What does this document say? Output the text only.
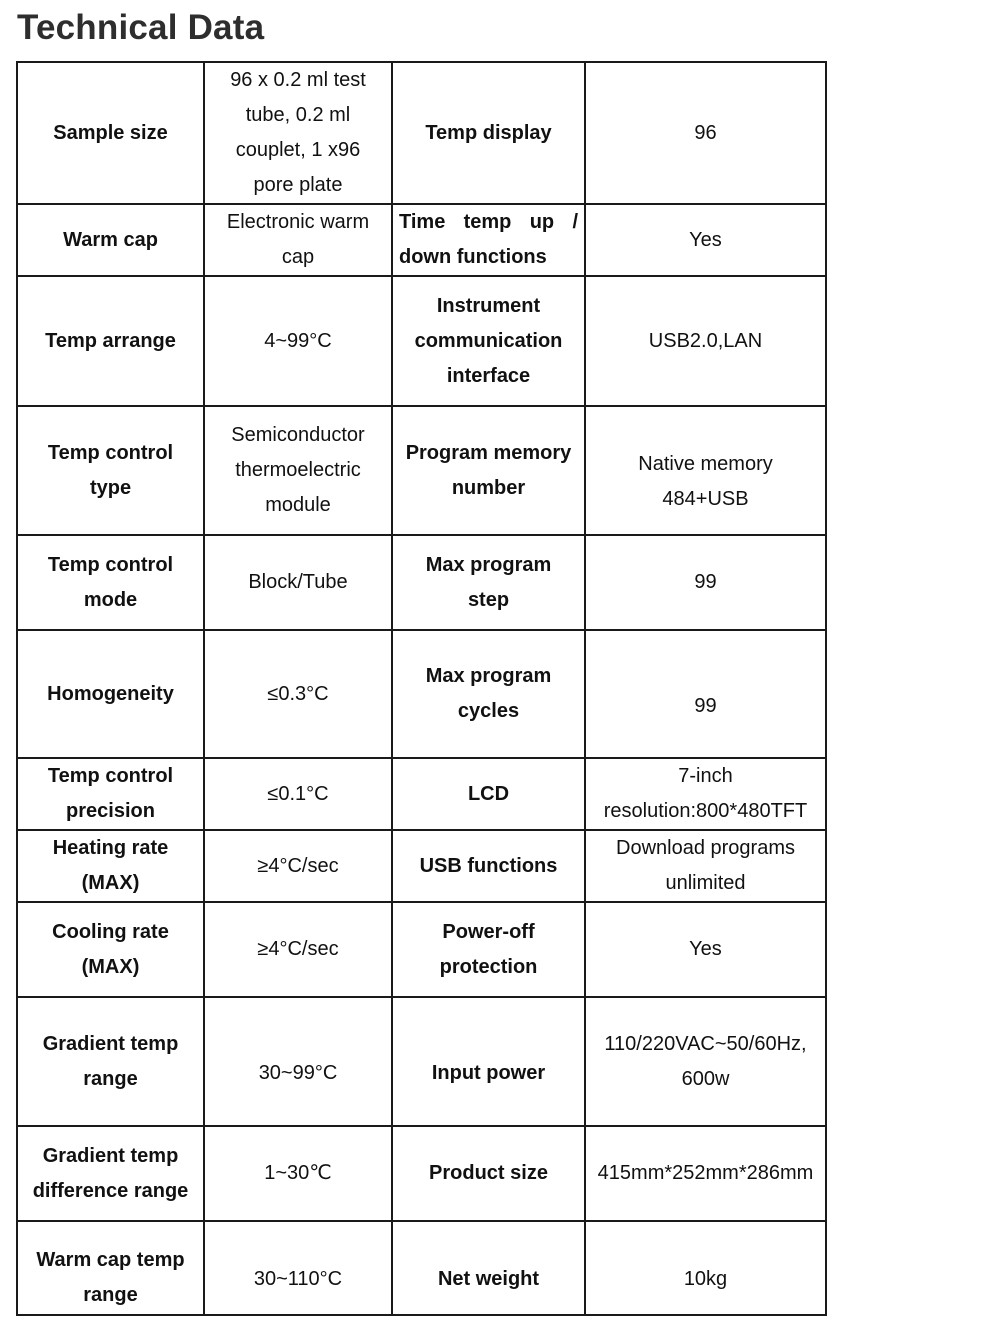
Technical Data
Sample size	96 x 0.2 ml test
tube, 0.2 ml
couplet, 1 x96
pore plate	Temp display	96

Warm cap	Electronic warm
cap	Time temp up /
down functions	Yes

Temp arrange	4~99°C	Instrument
communication
interface	USB2.0,LAN

Temp control
type	Semiconductor
thermoelectric
module	Program memory
number	Native memory
484+USB

Temp control
mode	Block/Tube	Max program
step	99

Homogeneity	≤0.3°C	Max program
cycles	99

Temp control
precision	≤0.1°C	LCD	7-inch
resolution:800*480TFT

Heating rate
(MAX)	≥4°C/sec	USB functions	Download programs
unlimited

Cooling rate
(MAX)	≥4°C/sec	Power-off
protection	Yes

Gradient temp
range	30~99°C	Input power	110/220VAC~50/60Hz,
600w

Gradient temp
difference range	1~30℃	Product size	415mm*252mm*286mm

Warm cap temp
range	30~110°C	Net weight	10kg
